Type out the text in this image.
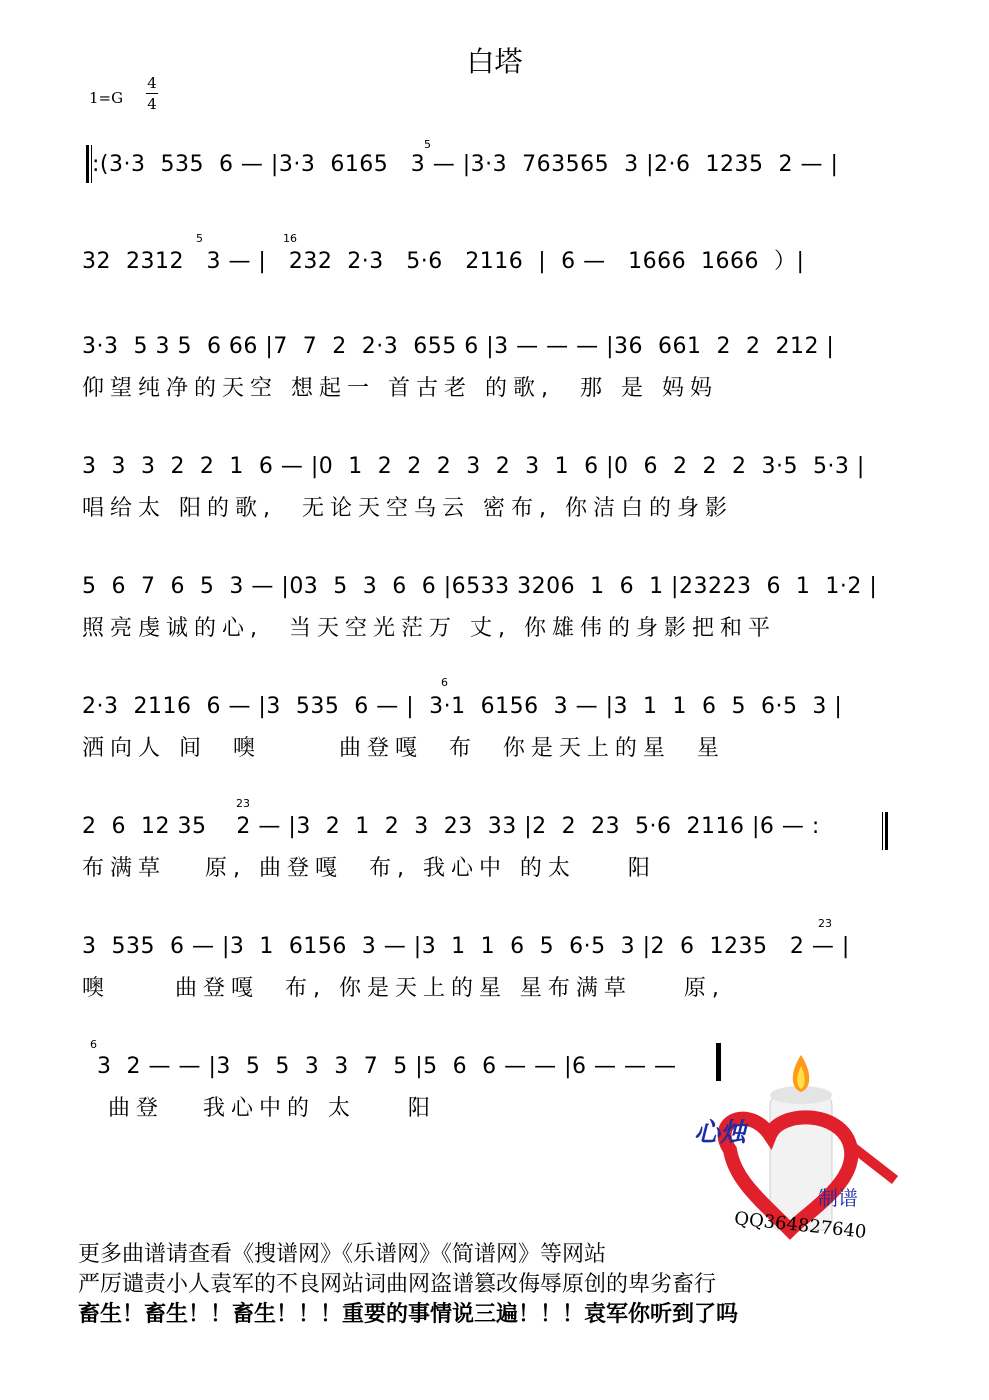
白塔
1=G
4
4
:(3·3  535  6 — |3·3  6165   3 — |3·3  763565  3 |2·6  1235  2 — |
32  2312   3 — |   232  2·3   5·6   2116  |  6 —   1666  1666  ）|
3·3  5 3 5  6 66 |7  7  2  2·3  655 6 |3 — — — |36  661  2  2  212 |
仰望纯净的天空 想起一 首古老 的歌,  那 是 妈妈
3  3  3  2  2  1  6 — |0  1  2  2  2  3  2  3  1  6 |0  6  2  2  2  3·5  5·3 |
唱给太 阳的歌,  无论天空乌云 密布, 你洁白的身影
5  6  7  6  5  3 — |03  5  3  6  6 |6533 3206  1  6  1 |23223  6  1  1·2 |
照亮虔诚的心,  当天空光茫万 丈, 你雄伟的身影把和平
2·3  2116  6 — |3  535  6 — |  3·1  6156  3 — |3  1  1  6  5  6·5  3 |
洒向人 间  噢      曲登嘎  布  你是天上的星  星
2  6  12 35    2 — |3  2  1  2  3  23  33 |2  2  23  5·6  2116 |6 — :
布满草   原, 曲登嘎  布, 我心中 的太    阳
3  535  6 — |3  1  6156  3 — |3  1  1  6  5  6·5  3 |2  6  1235   2 — |
噢     曲登嘎  布, 你是天上的星 星布满草    原,
3  2 — — |3  5  5  3  3  7  5 |5  6  6 — — |6 — — —
曲登   我心中的 太    阳
5
5	16
6
23
23
6
心烛
制谱
QQ364827640
更多曲谱请查看《搜谱网》《乐谱网》《简谱网》等网站
严厉谴责小人袁军的不良网站词曲网盗谱篡改侮辱原创的卑劣畜行
畜生！畜生！！畜生！！！重要的事情说三遍！！！袁军你听到了吗
